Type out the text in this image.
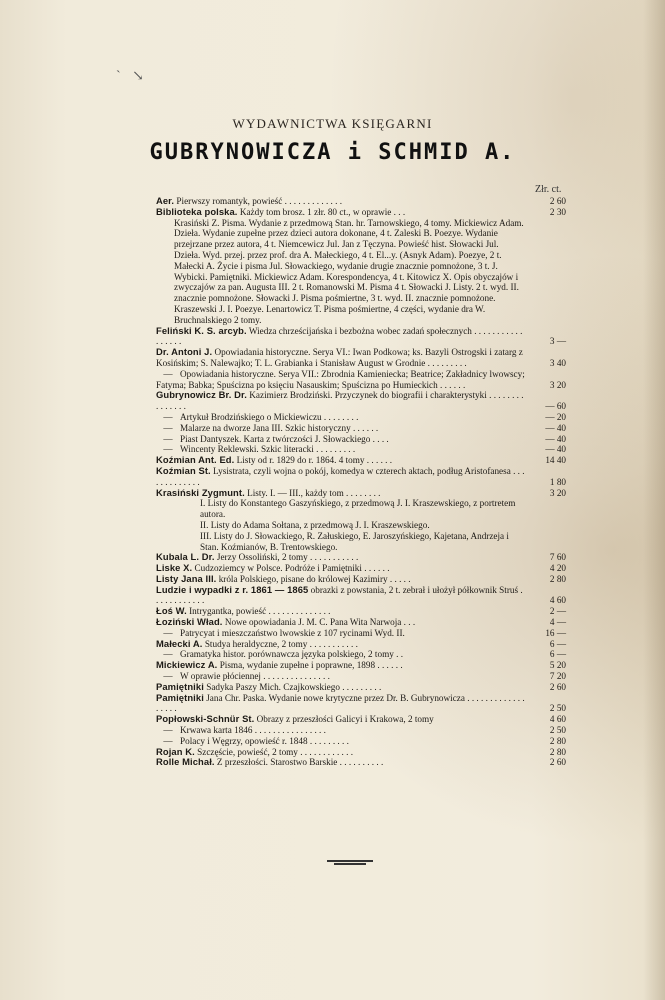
` ↘
WYDAWNICTWA KSIĘGARNI
GUBRYNOWICZA i SCHMID A.
Złr. ct.
Aer. Pierwszy romantyk, powieść . . . . . . . . . . . . .	2 60
Biblioteka polska. Każdy tom brosz. 1 złr. 80 ct., w oprawie . . .	2 30
Krasiński Z. Pisma. Wydanie z przedmową Stan. hr. Tarnowskiego, 4 tomy. Mickiewicz Adam. Dzieła. Wydanie zupełne przez dzieci autora dokonane, 4 t. Zaleski B. Poezye. Wydanie przejrzane przez autora, 4 t. Niemcewicz Jul. Jan z Tęczyna. Powieść hist. Słowacki Jul. Dzieła. Wyd. przej. przez prof. dra A. Małeckiego, 4 t. El...y. (Asnyk Adam). Poezye, 2 t. Małecki A. Życie i pisma Jul. Słowackiego, wydanie drugie znacznie pomnożone, 3 t. J. Wybicki. Pamiętniki. Mickiewicz Adam. Korespondencya, 4 t. Kitowicz X. Opis obyczajów i zwyczajów za pan. Augusta III. 2 t. Romanowski M. Pisma 4 t. Słowacki J. Listy. 2 t. wyd. II. znacznie pomnożone. Słowacki J. Pisma pośmiertne, 3 t. wyd. II. znacznie pomnożone. Kraszewski J. I. Poezye. Lenartowicz T. Pisma pośmiertne, 4 części, wydanie dra W. Bruchnalskiego 2 tomy.
Feliński K. S. arcyb. Wiedza chrześcijańska i bezbożna wobec zadań społecznych . . . . . . . . . . . . . . . . .	3 —
Dr. Antoni J. Opowiadania historyczne. Serya VI.: Iwan Podkowa; ks. Bazyli Ostrogski i zatarg z Kosińskim; S. Nalewajko; T. L. Grabianka i Stanisław August w Grodnie . . . . . . . . .	3 40
— Opowiadania historyczne. Serya VII.: Zbrodnia Kamieniecka; Beatrice; Zakładnicy lwowscy; Fatyma; Babka; Spuścizna po księciu Nasauskim; Spuścizna po Humieckich . . . . . .	3 20
Gubrynowicz Br. Dr. Kazimierz Brodziński. Przyczynek do biografii i charakterystyki . . . . . . . . . . . . . . .	— 60
— Artykuł Brodzińskiego o Mickiewiczu . . . . . . . .	— 20
— Malarze na dworze Jana III. Szkic historyczny . . . . . .	— 40
— Piast Dantyszek. Karta z twórczości J. Słowackiego . . . .	— 40
— Wincenty Reklewski. Szkic literacki . . . . . . . . .	— 40
Koźmian Ant. Ed. Listy od r. 1829 do r. 1864. 4 tomy . . . . . .	14 40
Koźmian St. Lysistrata, czyli wojna o pokój, komedya w czterech aktach, podług Aristofanesa . . . . . . . . . . . . .	1 80
Krasiński Zygmunt. Listy. I. — III., każdy tom . . . . . . . .	3 20
I. Listy do Konstantego Gaszyńskiego, z przedmową J. I. Kraszewskiego, z portretem autora.
II. Listy do Adama Sołtana, z przedmową J. I. Kraszewskiego.
III. Listy do J. Słowackiego, R. Załuskiego, E. Jaroszyńskiego, Kajetana, Andrzeja i Stan. Koźmianów, B. Trentowskiego.
Kubala L. Dr. Jerzy Ossoliński, 2 tomy . . . . . . . . . . .	7 60
Liske X. Cudzoziemcy w Polsce. Podróże i Pamiętniki . . . . . .	4 20
Listy Jana III. króla Polskiego, pisane do królowej Kazimiry . . . . .	2 80
Ludzie i wypadki z r. 1861 — 1865 obrazki z powstania, 2 t. zebrał i ułożył półkownik Struś . . . . . . . . . . . .	4 60
Łoś W. Intrygantka, powieść . . . . . . . . . . . . . .	2 —
Łoziński Wład. Nowe opowiadania J. M. C. Pana Wita Narwoja . . .	4 —
— Patrycyat i mieszczaństwo lwowskie z 107 rycinami Wyd. II.	16 —
Małecki A. Studya heraldyczne, 2 tomy . . . . . . . . . . .	6 —
— Gramatyka histor. porównawcza języka polskiego, 2 tomy . .	6 —
Mickiewicz A. Pisma, wydanie zupełne i poprawne, 1898 . . . . . .	5 20
— W oprawie płóciennej . . . . . . . . . . . . . . .	7 20
Pamiętniki Sadyka Paszy Mich. Czajkowskiego . . . . . . . . .	2 60
Pamiętniki Jana Chr. Paska. Wydanie nowe krytyczne przez Dr. B. Gubrynowicza . . . . . . . . . . . . . . . . . .	2 50
Popłowski-Schnür St. Obrazy z przeszłości Galicyi i Krakowa, 2 tomy	4 60
— Krwawa karta 1846 . . . . . . . . . . . . . . . .	2 50
— Polacy i Węgrzy, opowieść r. 1848 . . . . . . . . .	2 80
Rojan K. Szczęście, powieść, 2 tomy . . . . . . . . . . . .	2 80
Rolle Michał. Z przeszłości. Starostwo Barskie . . . . . . . . . .	2 60
